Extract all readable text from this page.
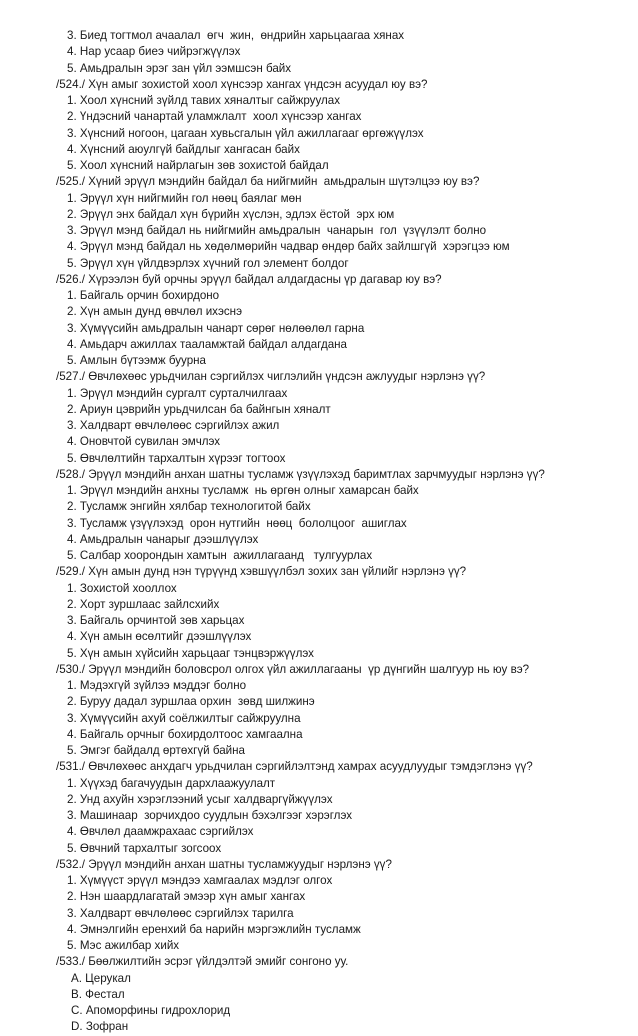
3. Биед тогтмол ачаалал  өгч  жин,  өндрийн харьцаагаа хянах
4. Нар усаар биеэ чийрэгжүүлэх
5. Амьдралын эрэг зан үйл ээмшсэн байх
/524./ Хүн амыг зохистой хоол хүнсээр хангах үндсэн асуудал юу вэ?
1. Хоол хүнсний зүйлд тавих хяналтыг сайжруулах
2. Үндэсний чанартай уламжлалт  хоол хүнсээр хангах
3. Хүнсний ногоон, цагаан хувьсгалын үйл ажиллагааг өргөжүүлэх
4. Хүнсний аюулгүй байдлыг хангасан байх
5. Хоол хүнсний найрлагын зөв зохистой байдал
/525./ Хүний эрүүл мэндийн байдал ба нийгмийн  амьдралын шүтэлцээ юу вэ?
1. Эрүүл хүн нийгмийн гол нөөц баялаг мөн
2. Эрүүл энх байдал хүн бүрийн хүслэн, эдлэх ёстой  эрх юм
3. Эрүүл мэнд байдал нь нийгмийн амьдралын  чанарын  гол  үзүүлэлт болно
4. Эрүүл мэнд байдал нь хөдөлмөрийн чадвар өндөр байх зайлшгүй  хэрэгцээ юм
5. Эрүүл хүн үйлдвэрлэх хүчний гол элемент болдог
/526./ Хүрээлэн буй орчны эрүүл байдал алдагдасны үр дагавар юу вэ?
1. Байгаль орчин бохирдоно
2. Хүн амын дунд өвчлөл ихэснэ
3. Хүмүүсийн амьдралын чанарт сөрөг нөлөөлөл гарна
4. Амьдарч ажиллах тааламжтай байдал алдагдана
5. Амлын бүтээмж буурна
/527./ Өвчлөхөөс урьдчилан сэргийлэх чиглэлийн үндсэн ажлуудыг нэрлэнэ үү?
1. Эрүүл мэндийн сургалт сурталчилгаах
2. Ариун цэврийн урьдчилсан ба байнгын хяналт
3. Халдварт өвчлөлөөс сэргийлэх ажил
4. Оновчтой сувилан эмчлэх
5. Өвчлөлтийн тархалтын хүрээг тогтоох
/528./ Эрүүл мэндийн анхан шатны тусламж үзүүлэхэд баримтлах зарчмуудыг нэрлэнэ үү?
1. Эрүүл мэндийн анхны тусламж  нь өргөн олныг хамарсан байх
2. Тусламж энгийн хялбар технологитой байх
3. Тусламж үзүүлэхэд  орон нутгийн  нөөц  бололцоог  ашиглах
4. Амьдралын чанарыг дээшлүүлэх
5. Салбар хоорондын хамтын  ажиллагаанд   тулгуурлах
/529./ Хүн амын дунд нэн түрүүнд хэвшүүлбэл зохих зан үйлийг нэрлэнэ үү?
1. Зохистой хооллох
2. Хорт зуршлаас зайлсхийх
3. Байгаль орчинтой зөв харьцах
4. Хүн амын өсөлтийг дээшлүүлэх
5. Хүн амын хүйсийн харьцааг тэнцвэржүүлэх
/530./ Эрүүл мэндийн боловсрол олгох үйл ажиллагааны  үр дүнгийн шалгуур нь юу вэ?
1. Мэдэхгүй зүйлээ мэддэг болно
2. Буруу дадал зуршлаа орхин  зөвд шилжинэ
3. Хүмүүсийн ахуй соёлжилтыг сайжруулна
4. Байгаль орчныг бохирдолтоос хамгаална
5. Эмгэг байдалд өртөхгүй байна
/531./ Өвчлөхөөс анхдагч урьдчилан сэргийлэлтэнд хамрах асуудлуудыг тэмдэглэнэ үү?
1. Хүүхэд багачуудын дархлаажуулалт
2. Унд ахуйн хэрэглээний усыг халдваргүйжүүлэх
3. Машинаар  зорчихдоо суудлын бэхэлгээг хэрэглэх
4. Өвчлөл даамжрахаас сэргийлэх
5. Өвчний тархалтыг зогсоох
/532./ Эрүүл мэндийн анхан шатны тусламжуудыг нэрлэнэ үү?
1. Хүмүүст эрүүл мэндээ хамгаалах мэдлэг олгох
2. Нэн шаардлагатай эмээр хүн амыг хангах
3. Халдварт өвчлөлөөс сэргийлэх тарилга
4. Эмнэлгийн еренхий ба нарийн мэргэжлийн тусламж
5. Мэс ажилбар хийх
/533./ Бөөлжилтийн эсрэг үйлдэлтэй эмийг сонгоно уу.
A. Церукал
B. Фестал
C. Апоморфины гидрохлорид
D. Зофран
